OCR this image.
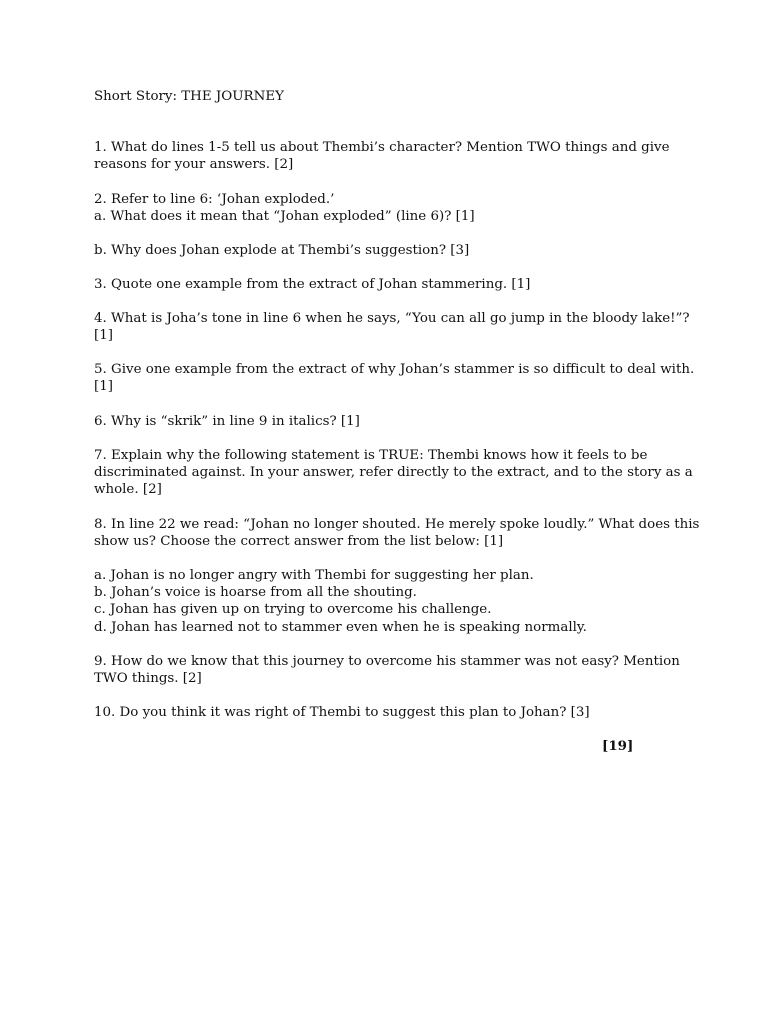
Short Story: THE JOURNEY

1. What do lines 1-5 tell us about Thembi’s character? Mention TWO things and give
reasons for your answers. [2]
2. Refer to line 6: ‘Johan exploded.’
a. What does it mean that “Johan exploded” (line 6)? [1]
b. Why does Johan explode at Thembi’s suggestion? [3]
3. Quote one example from the extract of Johan stammering. [1]
4. What is Joha’s tone in line 6 when he says, “You can all go jump in the bloody lake!”?
[1]
5. Give one example from the extract of why Johan’s stammer is so difficult to deal with.
[1]
6. Why is “skrik” in line 9 in italics? [1]
7. Explain why the following statement is TRUE: Thembi knows how it feels to be
discriminated against. In your answer, refer directly to the extract, and to the story as a
whole. [2]
8. In line 22 we read: “Johan no longer shouted. He merely spoke loudly.” What does this
show us? Choose the correct answer from the list below: [1]
a. Johan is no longer angry with Thembi for suggesting her plan.
b. Johan’s voice is hoarse from all the shouting.
c. Johan has given up on trying to overcome his challenge.
d. Johan has learned not to stammer even when he is speaking normally.
9. How do we know that this journey to overcome his stammer was not easy? Mention
TWO things. [2]
10. Do you think it was right of Thembi to suggest this plan to Johan? [3]
[19]
